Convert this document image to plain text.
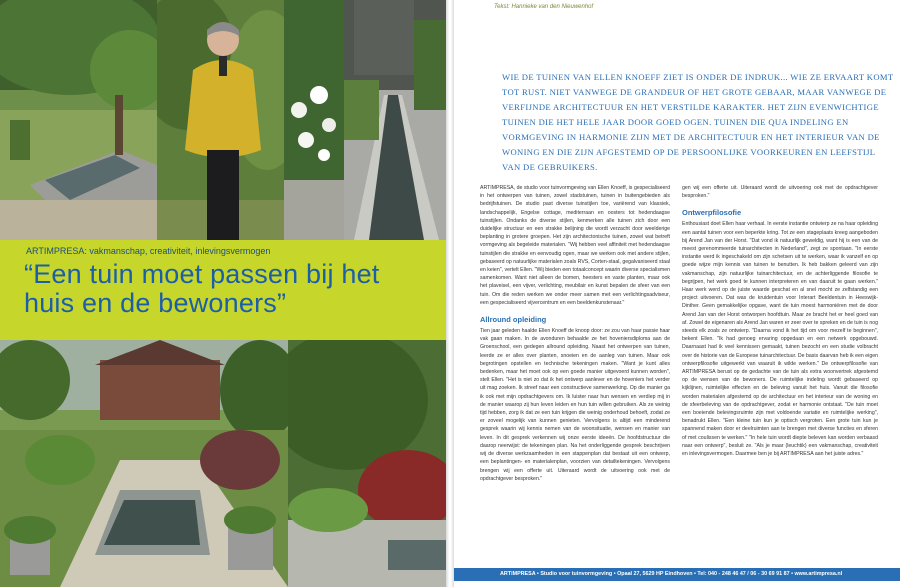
ARTIMPRESA: vakmanschap, creativiteit, inlevingsvermogen
“Een tuin moet passen bij het huis en de bewoners”
Tekst: Hannieke van den Nieuwenhof
WIE DE TUINEN VAN ELLEN KNOEFF ZIET IS ONDER DE INDRUK... WIE ZE ERVAART KOMT TOT RUST. NIET VANWEGE DE GRANDEUR OF HET GROTE GEBAAR, MAAR VANWEGE DE VERFIJNDE ARCHITECTUUR EN HET VERSTILDE KARAKTER. HET ZIJN EVENWICHTIGE TUINEN DIE HET HELE JAAR DOOR GOED OGEN. TUINEN DIE QUA INDELING EN VORMGEVING IN HARMONIE ZIJN MET DE ARCHITECTUUR EN HET INTERIEUR VAN DE WONING EN DIE ZIJN AFGESTEMD OP DE PERSOONLIJKE VOORKEUREN EN LEEFSTIJL VAN DE GEBRUIKERS.

ARTIMPRESA, de studio voor tuinvormgeving van Ellen Knoeff, is gespecialiseerd in het ontwerpen van tuinen, zowel stadstuinen, tuinen in buitengebieden als bedrijfstuinen. De studio past diverse tuinstijlen toe, variërend van klassiek, landschappelijk, Engelse cottage, mediterraan en oosters tot hedendaagse tuinstijlen. Ondanks de diverse stijlen, kenmerken alle tuinen zich door een duidelijke structuur en een strakke belijning die wordt verzacht door weelderige beplanting in grotere groepen. Het zijn architectonische tuinen, zowel wat betreft vormgeving als begeleide materialen. "Wij hebben veel affiniteit met hedendaagse tuinstijlen die strakke en eenvoudig ogen, maar we werken ook met andere stijlen, gebaseerd op natuurlijke materialen zoals RVS, Corten-staal, gegalvaniseerd staal en keien", vertelt Ellen. "Wij bieden een totaalconcept waarin diverse specialismen samenkomen. Want niet alleen de bomen, heesters en vaste planten, maar ook het plaveisel, een vijver, verlichting, meubilair en kunst bepalen de sfeer van een tuin. Om die reden werken we onder meer samen met een verlichtingsadviseur, een gespecialiseerd vijvercentrum en een beeldenkunstenaar."

Allround opleiding

Tien jaar geleden haalde Ellen Knoeff de knoop door: ze zou van haar passie haar vak gaan maken. In de avonduren behaalde ze het hoveniersdiploma aan de Groenschool, een gedegen allround opleiding. Naast het ontwerpen van tuinen, leerde ze er alles over planten, snoeien en de aanleg van tuinen. Maar ook begrotingen opstellen en technische tekeningen maken. "Want je kunt alles bedenken, maar het moet ook op een goede manier uitgevoerd kunnen worden", stelt Ellen. "Het is niet zo dat ik het ontwerp aanlever en de hoveniers het verder uit mag zoeken. Ik streef naar een constructieve samenwerking. Op die manier ga ik ook met mijn opdrachtgevers om. Ik luister naar hun wensen en verdiep mij in de manier waarop zij hun leven leiden en hun tuin willen gebruiken. Als ze weinig tijd hebben, zorg ik dat ze een tuin krijgen die weinig onderhoud behoeft, zodat ze er zoveel mogelijk van kunnen genieten. Vervolgens is altijd een minderend gesprek waarin wij kennis nemen van de woonsituatie, wensen en manier van leven. In dit gesprek verkennen wij onze eerste ideeën. De hoofdstructuur die daarop neerwijst: de tekeningen plan. Na het onderliggende gesprek beschrijven wij de diverse werkzaamheden in een stappenplan dat bestaat uit een ontwerp, een beplantingen- en materialenplan, voorzien van detailtekeningen. Vervolgens brengen wij een offerte uit. Uiteraard wordt de uitvoering ook met de opdrachtgever besproken."

gen wij een offerte uit. Uiteraard wordt de uitvoering ook met de opdrachtgever besproken."

Ontwerpfilosofie

Enthousiast doet Ellen haar verhaal. In eerste instantie ontwierp ze na haar opleiding een aantal tuinen voor een beperkte kring. Tot ze een stageplaats kreeg aangeboden bij Arend Jan van der Horst. "Dat vond ik natuurlijk geweldig, want hij is een van de meest gerenommeerde tuinarchitecten in Nederland", zegt ze spontaan. "In eerste instantie werd ik ingeschakeld om zijn schetsen uit te werken, waar ik vanzelf en op goede wijze mijn kennis van tuinen te benutten. Ik heb bakken geleerd van zijn vakmanschap, zijn natuurlijke tuinarchitectuur, en de achterliggende filosofie te begrijpen, het werk goed te kunnen interpreteren en van daaruit te gaan werken." Haar werk werd op de juiste waarde geschat en al snel mocht ze zelfstandig een project uitvoeren. Dat was de kruidentuin voor Interart Beeldentuin in Heeswijk-Dinther. Geen gemakkelijke opgave, want de tuin moest harmoniëren met de door Arend Jan van der Horst ontworpen hoofdtuin. Maar ze bracht het er heel goed van af. Zowel de eigenaren als Arend Jan waren er zeer over te spreken en de tuin is nog steeds elk zoals ze ontwierp. "Daarna vond ik het tijd om voor mezelf te beginnen", bekent Ellen. "Ik had genoeg ervaring opgedaan en een netwerk opgebouwd. Daarnaast had ik veel kennissen gemaakt, tuinen bezocht en een studie volbracht over de historie van de Europese tuinarchitectuur. De basis daarvan heb ik een eigen ontwerpfilosofie uitgewerkt van waaruit ik wilde werken." De ontwerpfilosofie van ARTIMPRESA berust op de gedachte van de tuin als extra woonvertrek afgestemd op de wensen van de bewoners. De ruimtelijke indeling wordt gebaseerd op kijklijnen, ruimtelijke effecten en de beleving vanuit het huis. Vanuit die filosofie worden materialen afgestemd op de architectuur en het interieur van de woning en de sfeerbeleving van de opdrachtgever, zodat er harmonie ontstaat. "De tuin moet een boeiende belevingsruimte zijn met voldoende variatie en ruimtelijke werking", benadrukt Ellen. "Een kleine tuin kun je optisch vergroten. Een grote tuin kun je spannend maken door er deelruimten aan te brengen met diverse functies en sferen of met coulissen te werken." "In hele tuin wordt diepte beleven kan worden verbaasd naar een ontwerp", besluit ze. "Als je maar (leuchtik) een vakmanschap, creativiteit en inlevingsvermogen. Daarmee ben je bij ARTIMPRESA aan het juiste adres."

ARTIMPRESA • Studio voor tuinvormgeving • Opaal 27, 5629 HP Eindhoven • Tel: 040 - 248 46 47 / 06 - 30 69 91 87 • www.artimpresa.nl
